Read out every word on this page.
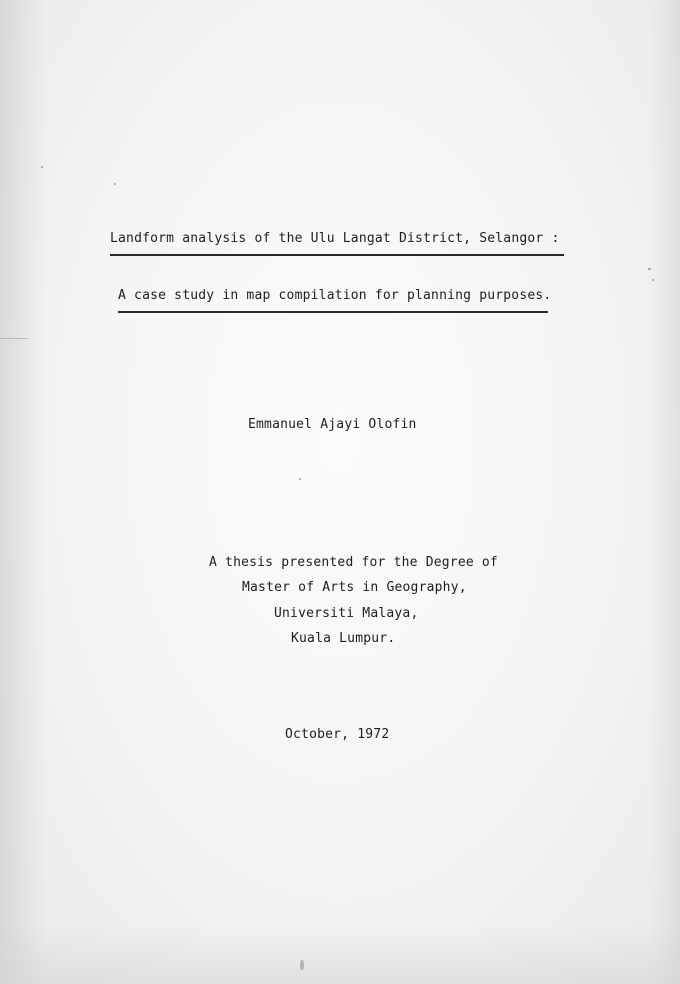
Landform analysis of the Ulu Langat District, Selangor :
A case study in map compilation for planning purposes.
Emmanuel Ajayi Olofin
A thesis presented for the Degree of
Master of Arts in Geography,
Universiti Malaya,
Kuala Lumpur.
October, 1972
